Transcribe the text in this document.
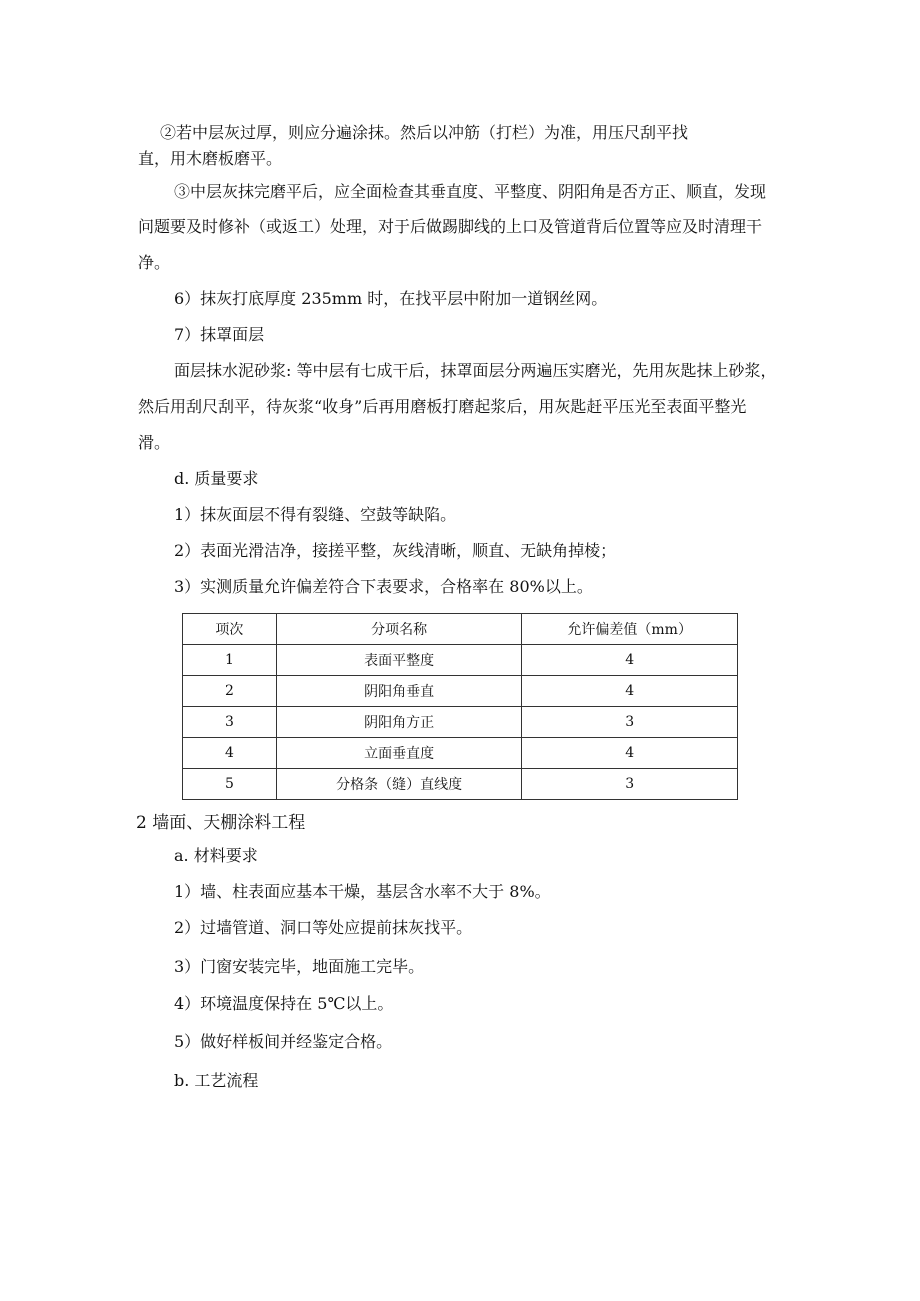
②若中层灰过厚，则应分遍涂抹。然后以冲筋（打栏）为准，用压尺刮平找

直，用木磨板磨平。

③中层灰抹完磨平后，应全面检查其垂直度、平整度、阴阳角是否方正、顺直，发现

问题要及时修补（或返工）处理，对于后做踢脚线的上口及管道背后位置等应及时清理干

净。

6）抹灰打底厚度 235mm 时，在找平层中附加一道钢丝网。

7）抹罩面层

面层抹水泥砂浆: 等中层有七成干后，抹罩面层分两遍压实磨光，先用灰匙抹上砂浆，

然后用刮尺刮平，待灰浆“收身”后再用磨板打磨起浆后，用灰匙赶平压光至表面平整光

滑。

d. 质量要求

1）抹灰面层不得有裂缝、空鼓等缺陷。

2）表面光滑洁净，接搓平整，灰线清晰，顺直、无缺角掉棱；

3）实测质量允许偏差符合下表要求，合格率在 80%以上。

项次	分项名称	允许偏差值（mm）
1	表面平整度	4
2	阴阳角垂直	4
3	阴阳角方正	3
4	立面垂直度	4
5	分格条（缝）直线度	3

2 墙面、天棚涂料工程

a. 材料要求

1）墙、柱表面应基本干燥，基层含水率不大于 8%。

2）过墙管道、洞口等处应提前抹灰找平。

3）门窗安装完毕，地面施工完毕。

4）环境温度保持在 5℃以上。

5）做好样板间并经鉴定合格。

b. 工艺流程
